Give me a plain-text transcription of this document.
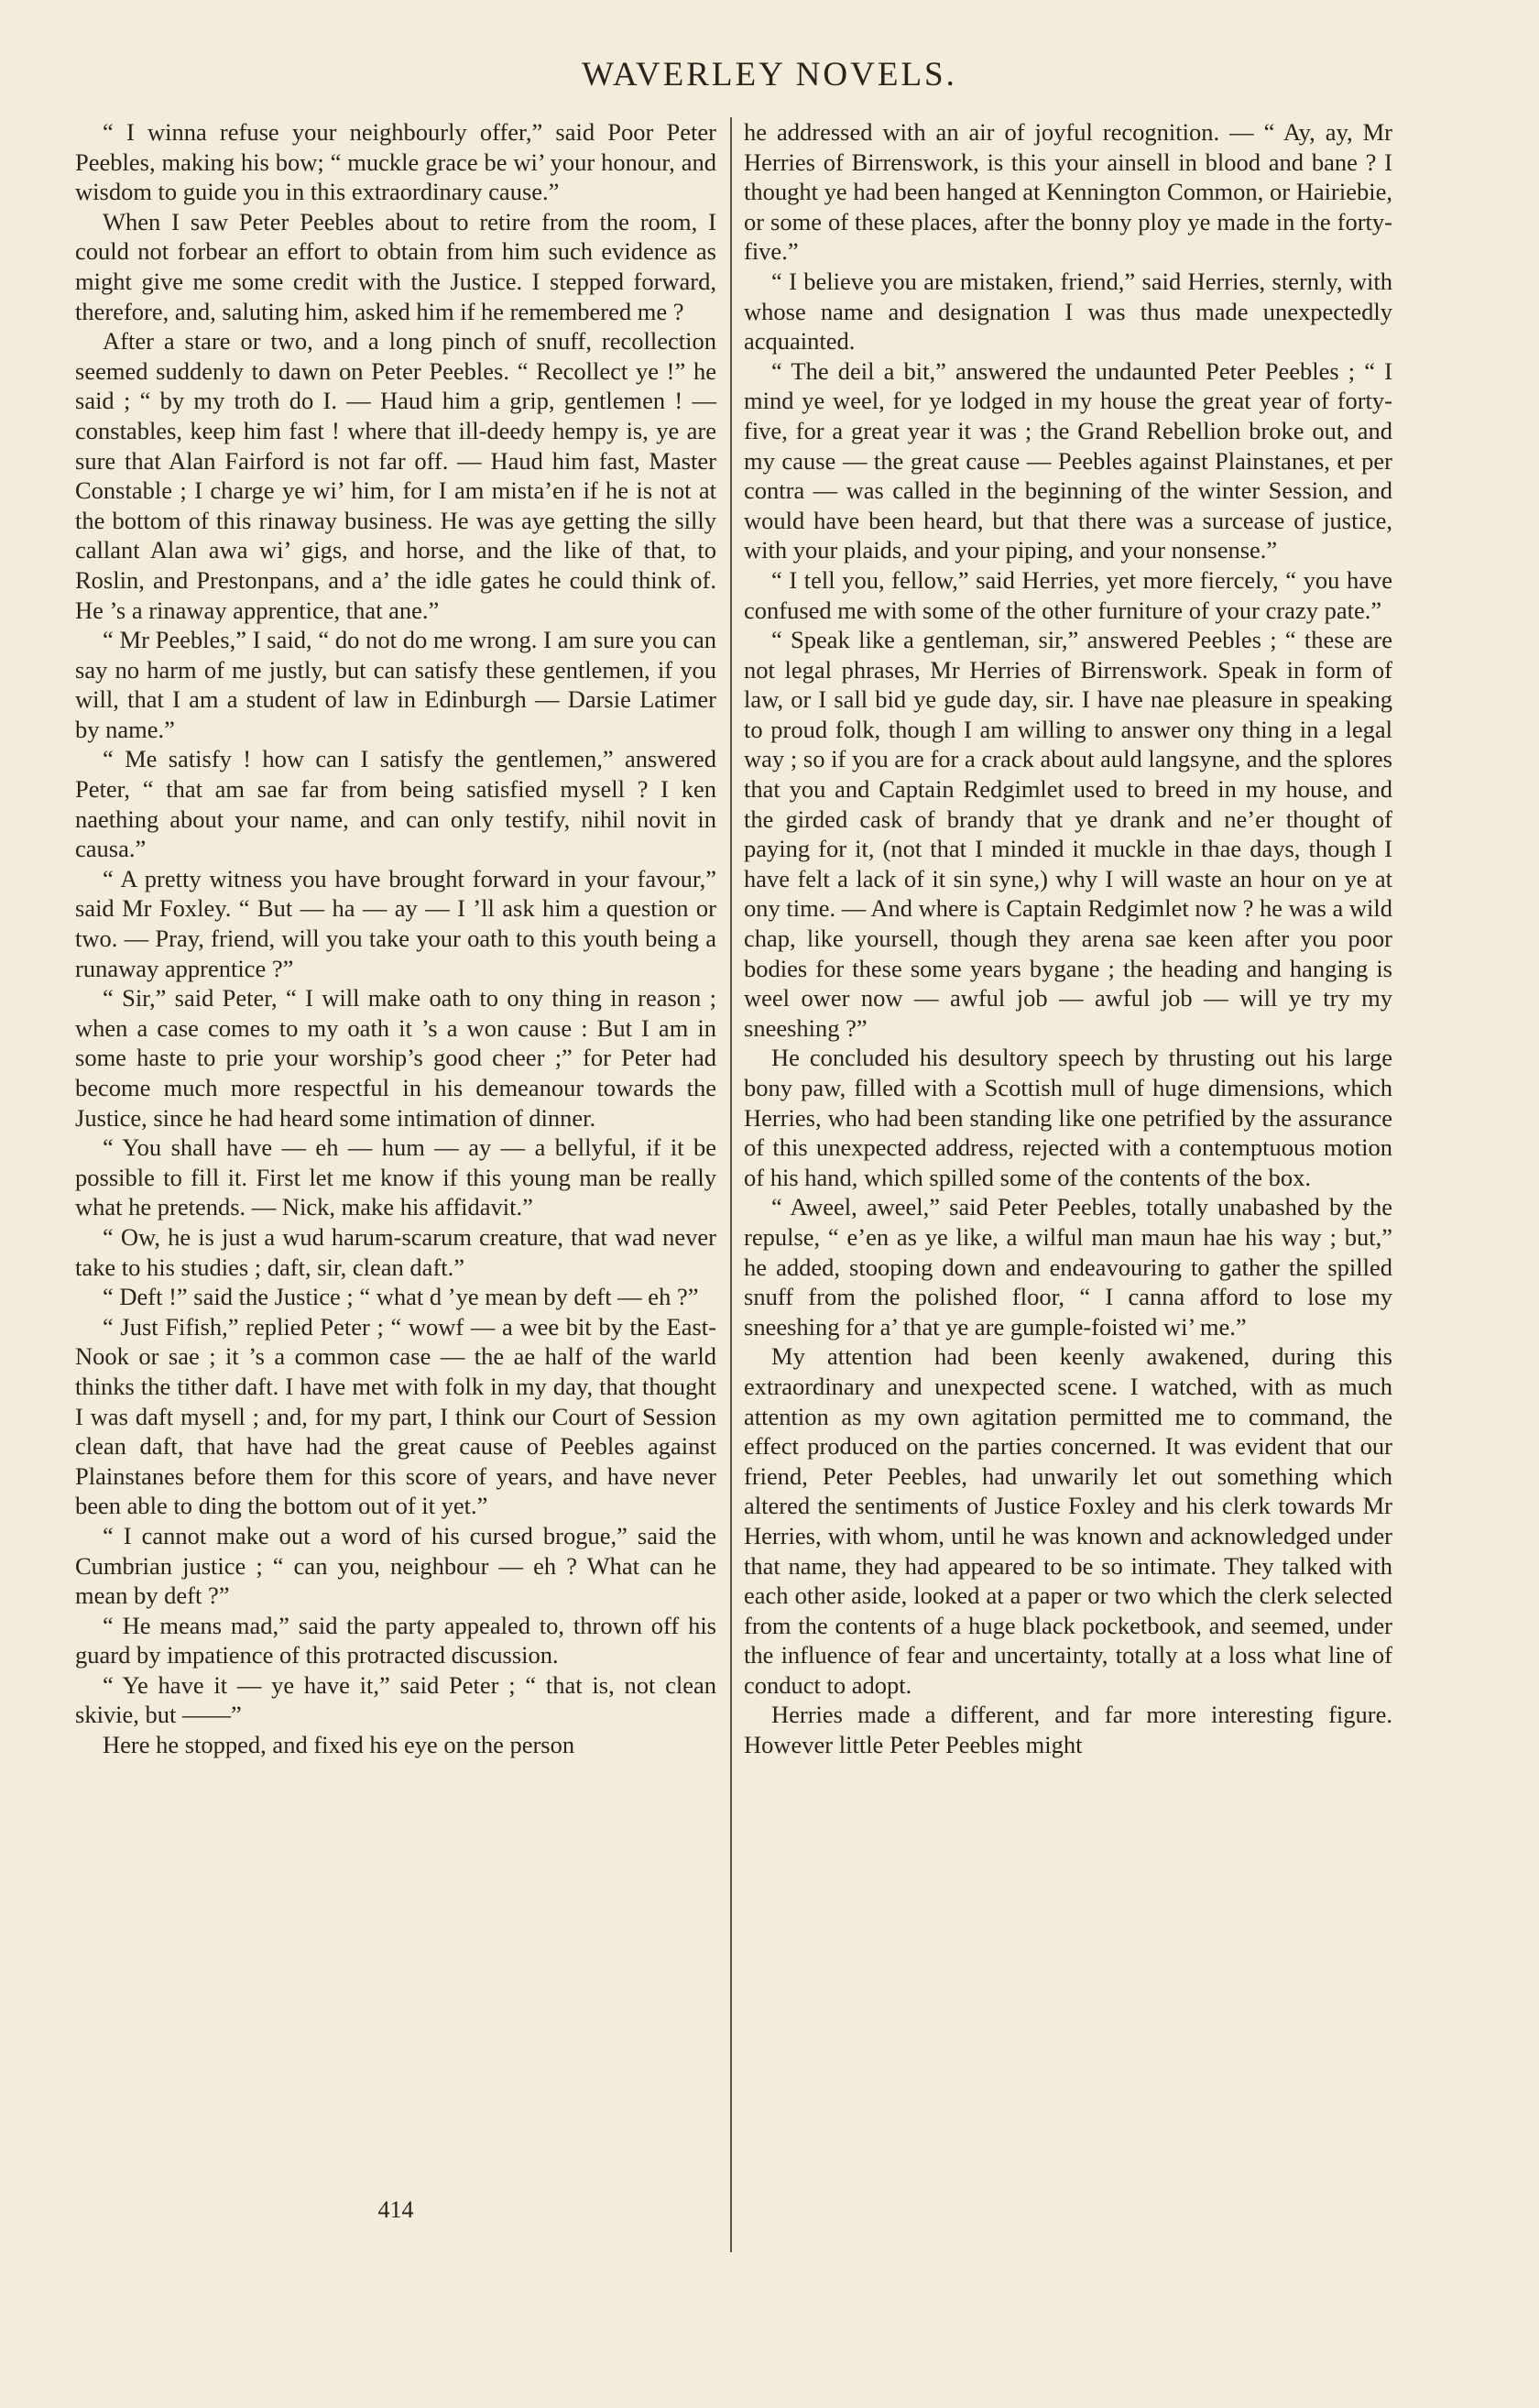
WAVERLEY NOVELS.

“ I winna refuse your neighbourly offer,” said Poor Peter Peebles, making his bow; “ muckle grace be wi’ your honour, and wisdom to guide you in this extraordinary cause.”

When I saw Peter Peebles about to retire from the room, I could not forbear an effort to obtain from him such evidence as might give me some credit with the Justice. I stepped forward, therefore, and, saluting him, asked him if he remembered me ?

After a stare or two, and a long pinch of snuff, recollection seemed suddenly to dawn on Peter Peebles. “ Recollect ye !” he said ; “ by my troth do I. — Haud him a grip, gentlemen ! — constables, keep him fast ! where that ill-deedy hempy is, ye are sure that Alan Fairford is not far off. — Haud him fast, Master Constable ; I charge ye wi’ him, for I am mista’en if he is not at the bottom of this rinaway business. He was aye getting the silly callant Alan awa wi’ gigs, and horse, and the like of that, to Roslin, and Prestonpans, and a’ the idle gates he could think of. He ’s a rinaway apprentice, that ane.”

“ Mr Peebles,” I said, “ do not do me wrong. I am sure you can say no harm of me justly, but can satisfy these gentlemen, if you will, that I am a student of law in Edinburgh — Darsie Latimer by name.”

“ Me satisfy ! how can I satisfy the gentlemen,” answered Peter, “ that am sae far from being satisfied mysell ? I ken naething about your name, and can only testify, nihil novit in causa.”

“ A pretty witness you have brought forward in your favour,” said Mr Foxley. “ But — ha — ay — I ’ll ask him a question or two. — Pray, friend, will you take your oath to this youth being a runaway apprentice ?”

“ Sir,” said Peter, “ I will make oath to ony thing in reason ; when a case comes to my oath it ’s a won cause : But I am in some haste to prie your worship’s good cheer ;” for Peter had become much more respectful in his demeanour towards the Justice, since he had heard some intimation of dinner.

“ You shall have — eh — hum — ay — a bellyful, if it be possible to fill it. First let me know if this young man be really what he pretends. — Nick, make his affidavit.”

“ Ow, he is just a wud harum-scarum creature, that wad never take to his studies ; daft, sir, clean daft.”

“ Deft !” said the Justice ; “ what d ’ye mean by deft — eh ?”

“ Just Fifish,” replied Peter ; “ wowf — a wee bit by the East-Nook or sae ; it ’s a common case — the ae half of the warld thinks the tither daft. I have met with folk in my day, that thought I was daft mysell ; and, for my part, I think our Court of Session clean daft, that have had the great cause of Peebles against Plainstanes before them for this score of years, and have never been able to ding the bottom out of it yet.”

“ I cannot make out a word of his cursed brogue,” said the Cumbrian justice ; “ can you, neighbour — eh ? What can he mean by deft ?”

“ He means mad,” said the party appealed to, thrown off his guard by impatience of this protracted discussion.

“ Ye have it — ye have it,” said Peter ; “ that is, not clean skivie, but ——”

Here he stopped, and fixed his eye on the person

he addressed with an air of joyful recognition. — “ Ay, ay, Mr Herries of Birrenswork, is this your ainsell in blood and bane ? I thought ye had been hanged at Kennington Common, or Hairiebie, or some of these places, after the bonny ploy ye made in the forty-five.”

“ I believe you are mistaken, friend,” said Herries, sternly, with whose name and designation I was thus made unexpectedly acquainted.

“ The deil a bit,” answered the undaunted Peter Peebles ; “ I mind ye weel, for ye lodged in my house the great year of forty-five, for a great year it was ; the Grand Rebellion broke out, and my cause — the great cause — Peebles against Plainstanes, et per contra — was called in the beginning of the winter Session, and would have been heard, but that there was a surcease of justice, with your plaids, and your piping, and your nonsense.”

“ I tell you, fellow,” said Herries, yet more fiercely, “ you have confused me with some of the other furniture of your crazy pate.”

“ Speak like a gentleman, sir,” answered Peebles ; “ these are not legal phrases, Mr Herries of Birrenswork. Speak in form of law, or I sall bid ye gude day, sir. I have nae pleasure in speaking to proud folk, though I am willing to answer ony thing in a legal way ; so if you are for a crack about auld langsyne, and the splores that you and Captain Redgimlet used to breed in my house, and the girded cask of brandy that ye drank and ne’er thought of paying for it, (not that I minded it muckle in thae days, though I have felt a lack of it sin syne,) why I will waste an hour on ye at ony time. — And where is Captain Redgimlet now ? he was a wild chap, like yoursell, though they arena sae keen after you poor bodies for these some years bygane ; the heading and hanging is weel ower now — awful job — awful job — will ye try my sneeshing ?”

He concluded his desultory speech by thrusting out his large bony paw, filled with a Scottish mull of huge dimensions, which Herries, who had been standing like one petrified by the assurance of this unexpected address, rejected with a contemptuous motion of his hand, which spilled some of the contents of the box.

“ Aweel, aweel,” said Peter Peebles, totally unabashed by the repulse, “ e’en as ye like, a wilful man maun hae his way ; but,” he added, stooping down and endeavouring to gather the spilled snuff from the polished floor, “ I canna afford to lose my sneeshing for a’ that ye are gumple-foisted wi’ me.”

My attention had been keenly awakened, during this extraordinary and unexpected scene. I watched, with as much attention as my own agitation permitted me to command, the effect produced on the parties concerned. It was evident that our friend, Peter Peebles, had unwarily let out something which altered the sentiments of Justice Foxley and his clerk towards Mr Herries, with whom, until he was known and acknowledged under that name, they had appeared to be so intimate. They talked with each other aside, looked at a paper or two which the clerk selected from the contents of a huge black pocketbook, and seemed, under the influence of fear and uncertainty, totally at a loss what line of conduct to adopt.

Herries made a different, and far more interesting figure. However little Peter Peebles might

414
